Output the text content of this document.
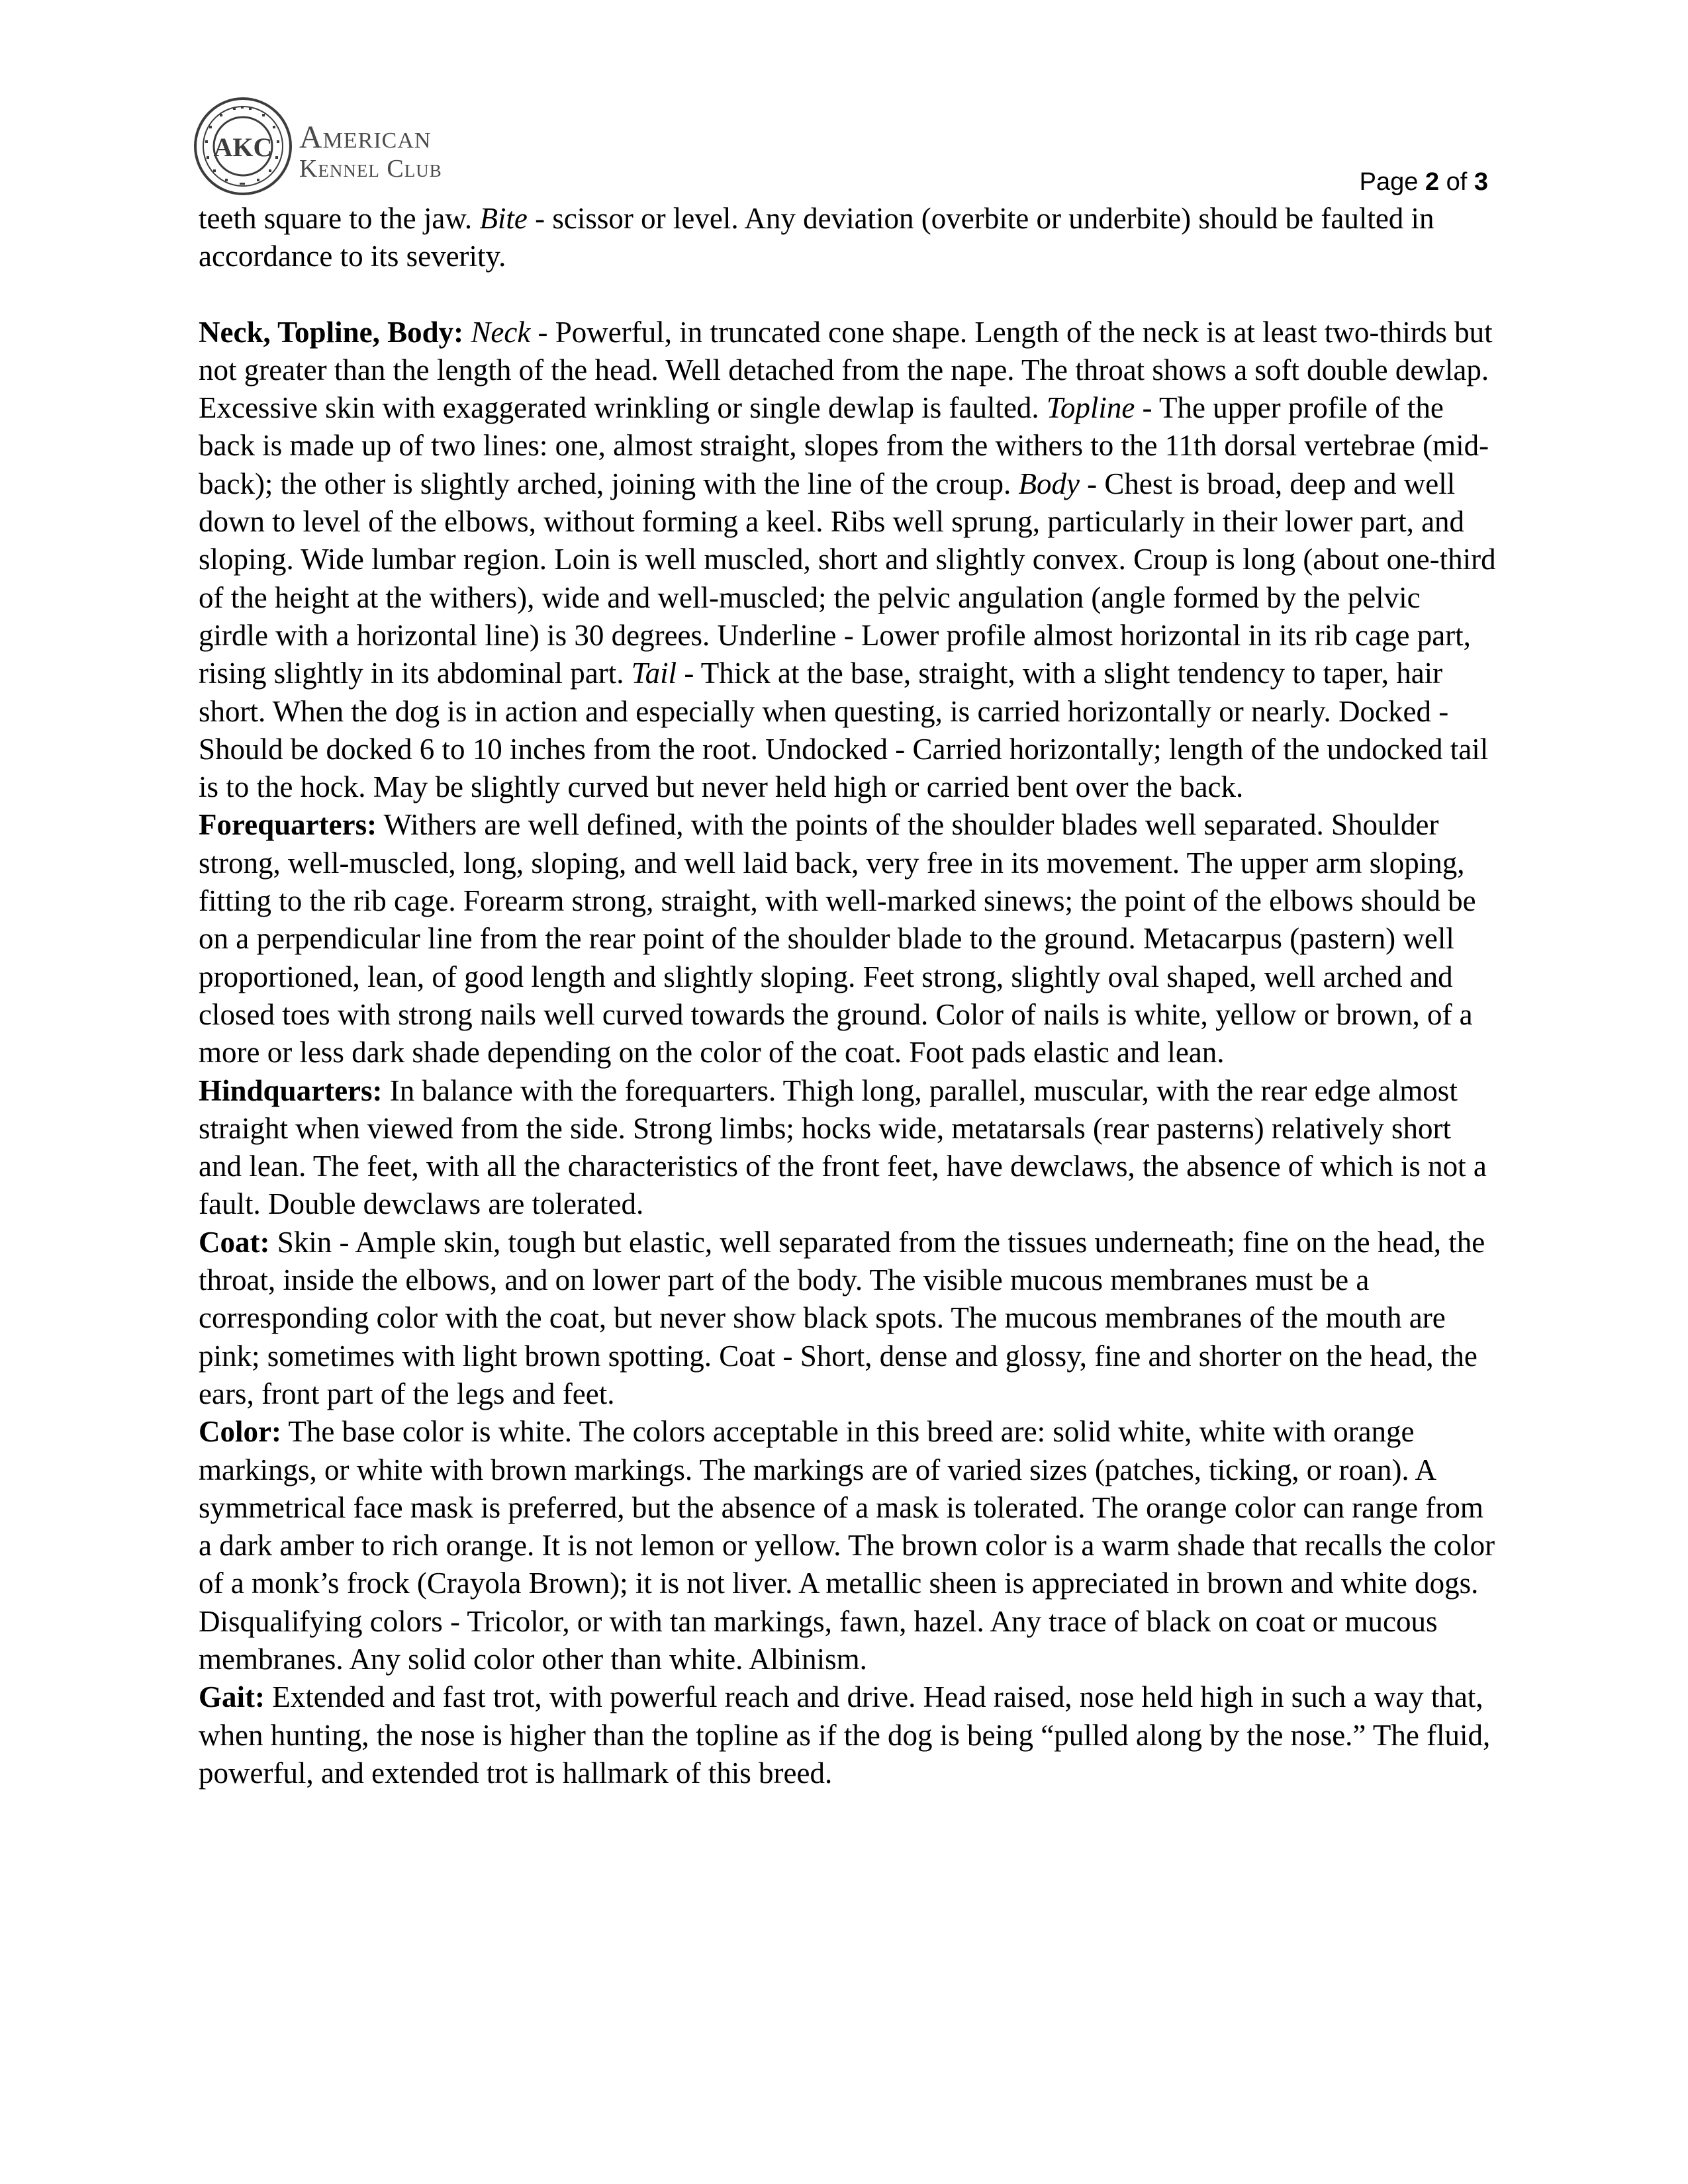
AKC American
Kennel Club	Page 2 of 3

teeth square to the jaw. Bite - scissor or level. Any deviation (overbite or underbite) should be faulted in accordance to its severity.

Neck, Topline, Body: Neck - Powerful, in truncated cone shape. Length of the neck is at least two-thirds but not greater than the length of the head. Well detached from the nape. The throat shows a soft double dewlap. Excessive skin with exaggerated wrinkling or single dewlap is faulted. Topline - The upper profile of the back is made up of two lines: one, almost straight, slopes from the withers to the 11th dorsal vertebrae (mid-back); the other is slightly arched, joining with the line of the croup. Body - Chest is broad, deep and well down to level of the elbows, without forming a keel. Ribs well sprung, particularly in their lower part, and sloping. Wide lumbar region. Loin is well muscled, short and slightly convex. Croup is long (about one-third of the height at the withers), wide and well-muscled; the pelvic angulation (angle formed by the pelvic girdle with a horizontal line) is 30 degrees. Underline - Lower profile almost horizontal in its rib cage part, rising slightly in its abdominal part. Tail - Thick at the base, straight, with a slight tendency to taper, hair short. When the dog is in action and especially when questing, is carried horizontally or nearly. Docked - Should be docked 6 to 10 inches from the root. Undocked - Carried horizontally; length of the undocked tail is to the hock. May be slightly curved but never held high or carried bent over the back.

Forequarters: Withers are well defined, with the points of the shoulder blades well separated. Shoulder strong, well-muscled, long, sloping, and well laid back, very free in its movement. The upper arm sloping, fitting to the rib cage. Forearm strong, straight, with well-marked sinews; the point of the elbows should be on a perpendicular line from the rear point of the shoulder blade to the ground. Metacarpus (pastern) well proportioned, lean, of good length and slightly sloping. Feet strong, slightly oval shaped, well arched and closed toes with strong nails well curved towards the ground. Color of nails is white, yellow or brown, of a more or less dark shade depending on the color of the coat. Foot pads elastic and lean.

Hindquarters: In balance with the forequarters. Thigh long, parallel, muscular, with the rear edge almost straight when viewed from the side. Strong limbs; hocks wide, metatarsals (rear pasterns) relatively short and lean. The feet, with all the characteristics of the front feet, have dewclaws, the absence of which is not a fault. Double dewclaws are tolerated.

Coat: Skin - Ample skin, tough but elastic, well separated from the tissues underneath; fine on the head, the throat, inside the elbows, and on lower part of the body. The visible mucous membranes must be a corresponding color with the coat, but never show black spots. The mucous membranes of the mouth are pink; sometimes with light brown spotting. Coat - Short, dense and glossy, fine and shorter on the head, the ears, front part of the legs and feet.

Color: The base color is white. The colors acceptable in this breed are: solid white, white with orange markings, or white with brown markings. The markings are of varied sizes (patches, ticking, or roan). A symmetrical face mask is preferred, but the absence of a mask is tolerated. The orange color can range from a dark amber to rich orange. It is not lemon or yellow. The brown color is a warm shade that recalls the color of a monk’s frock (Crayola Brown); it is not liver. A metallic sheen is appreciated in brown and white dogs. Disqualifying colors - Tricolor, or with tan markings, fawn, hazel. Any trace of black on coat or mucous membranes. Any solid color other than white. Albinism.

Gait: Extended and fast trot, with powerful reach and drive. Head raised, nose held high in such a way that, when hunting, the nose is higher than the topline as if the dog is being “pulled along by the nose.” The fluid, powerful, and extended trot is hallmark of this breed.
